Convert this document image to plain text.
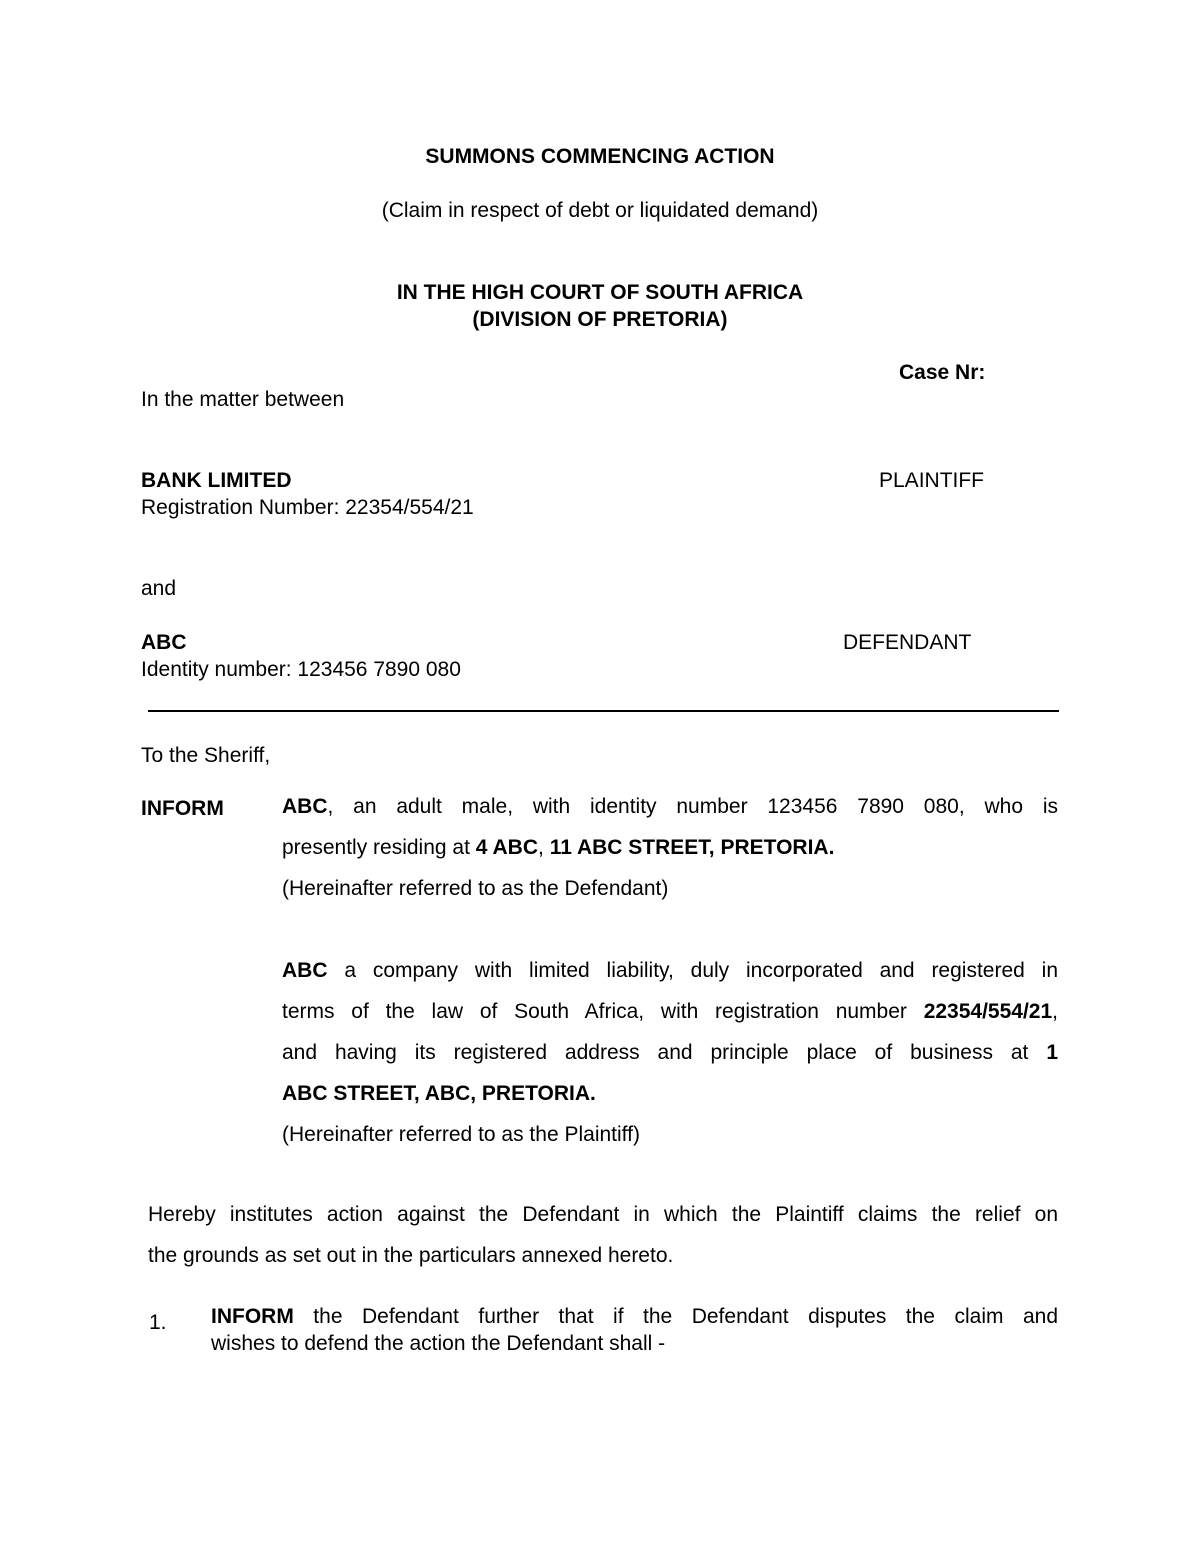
SUMMONS COMMENCING ACTION
(Claim in respect of debt or liquidated demand)
IN THE HIGH COURT OF SOUTH AFRICA
(DIVISION OF PRETORIA)
Case Nr:
In the matter between
BANK LIMITED	PLAINTIFF
Registration Number: 22354/554/21
and
ABC	DEFENDANT
Identity number: 123456 7890 080
To the Sheriff,
INFORM	ABC, an adult male, with identity number 123456 7890 080, who is
presently residing at 4 ABC, 11 ABC STREET, PRETORIA.
(Hereinafter referred to as the Defendant)
ABC a company with limited liability, duly incorporated and registered in
terms of the law of South Africa, with registration number 22354/554/21,
and having its registered address and principle place of business at 1
ABC STREET, ABC, PRETORIA.
(Hereinafter referred to as the Plaintiff)
Hereby institutes action against the Defendant in which the Plaintiff claims the relief on
the grounds as set out in the particulars annexed hereto.
1. INFORM the Defendant further that if the Defendant disputes the claim and
wishes to defend the action the Defendant shall -
